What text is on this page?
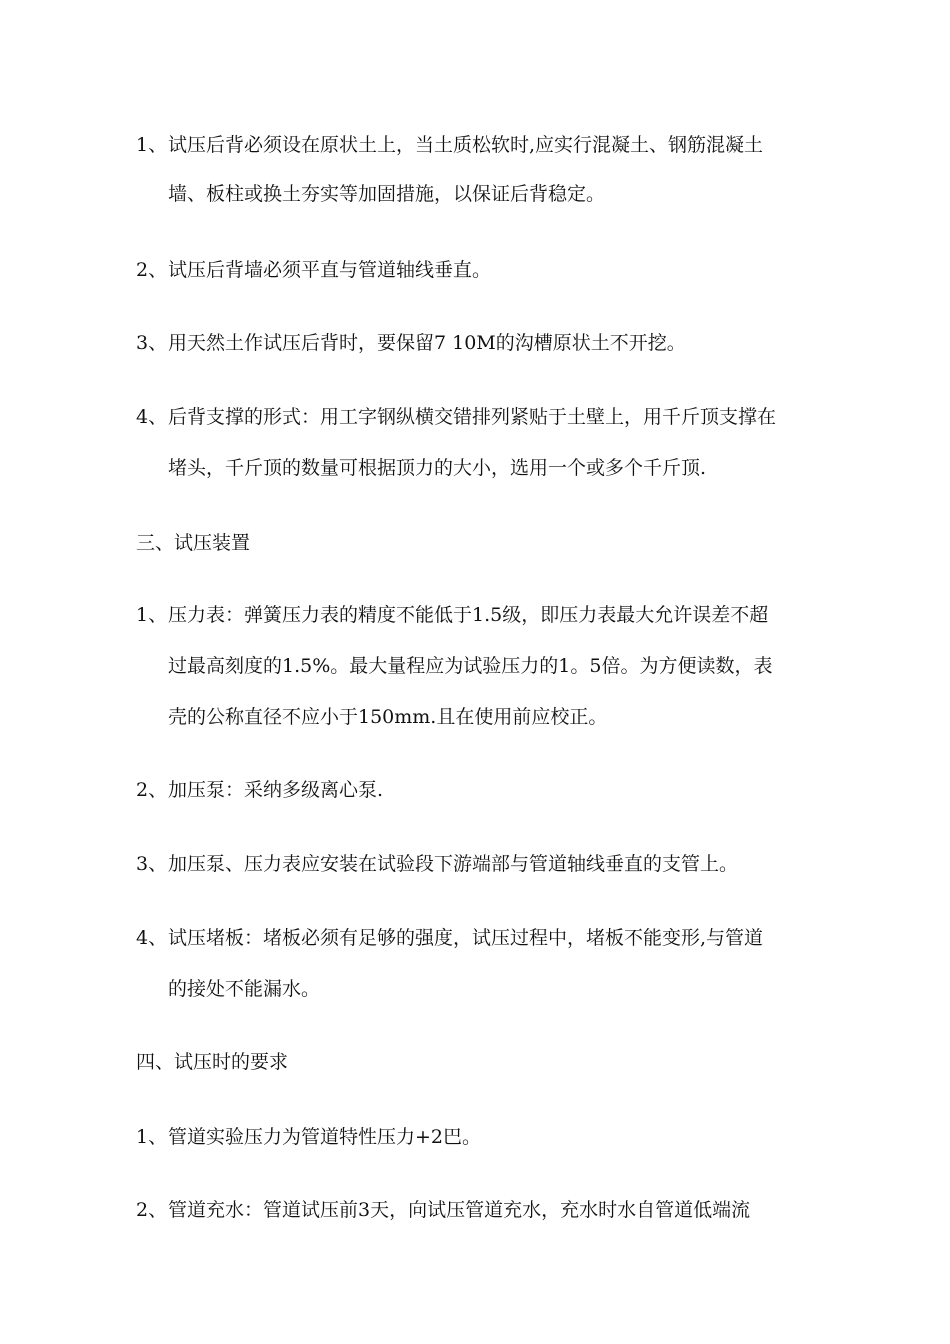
1、 试压后背必须设在原状土上，当土质松软时,应实行混凝土、钢筋混凝土
墙、板柱或换土夯实等加固措施，以保证后背稳定。
2、 试压后背墙必须平直与管道轴线垂直。
3、 用天然土作试压后背时，要保留7 10M的沟槽原状土不开挖。
4、 后背支撑的形式：用工字钢纵横交错排列紧贴于土壁上，用千斤顶支撑在
堵头，千斤顶的数量可根据顶力的大小，选用一个或多个千斤顶.
三、试压装置
1、 压力表：弹簧压力表的精度不能低于1.5级，即压力表最大允许误差不超
过最高刻度的1.5%。最大量程应为试验压力的1。5倍。为方便读数，表
壳的公称直径不应小于150mm.且在使用前应校正。
2、 加压泵：采纳多级离心泵.
3、 加压泵、压力表应安装在试验段下游端部与管道轴线垂直的支管上。
4、 试压堵板：堵板必须有足够的强度，试压过程中，堵板不能变形,与管道
的接处不能漏水。
四、试压时的要求
1、 管道实验压力为管道特性压力+2巴。
2、 管道充水：管道试压前3天，向试压管道充水，充水时水自管道低端流
